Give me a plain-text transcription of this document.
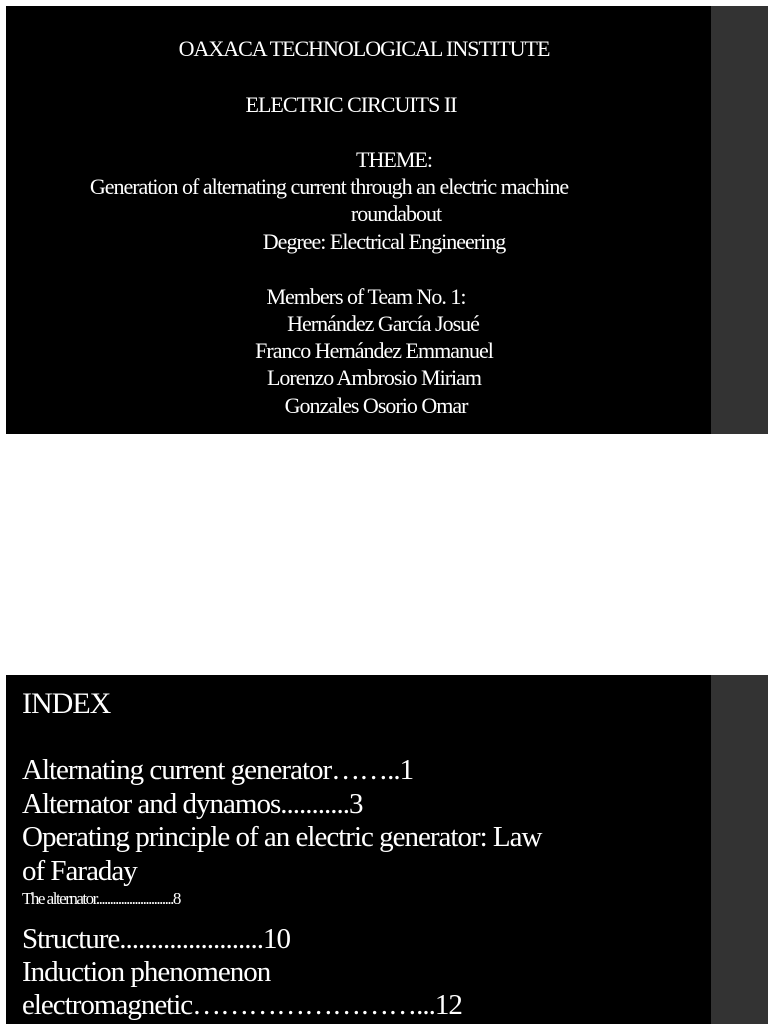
OAXACA TECHNOLOGICAL INSTITUTE
ELECTRIC CIRCUITS II
THEME:
Generation of alternating current through an electric machine
roundabout
Degree: Electrical Engineering
Members of Team No. 1:
Hernández García Josué
Franco Hernández Emmanuel
Lorenzo Ambrosio Miriam
Gonzales Osorio Omar
INDEX
Alternating current generator……..1
Alternator and dynamos...........3
Operating principle of an electric generator: Law
of Faraday
The alternator............................8
Structure.......................10
Induction phenomenon
electromagnetic……………………...12
